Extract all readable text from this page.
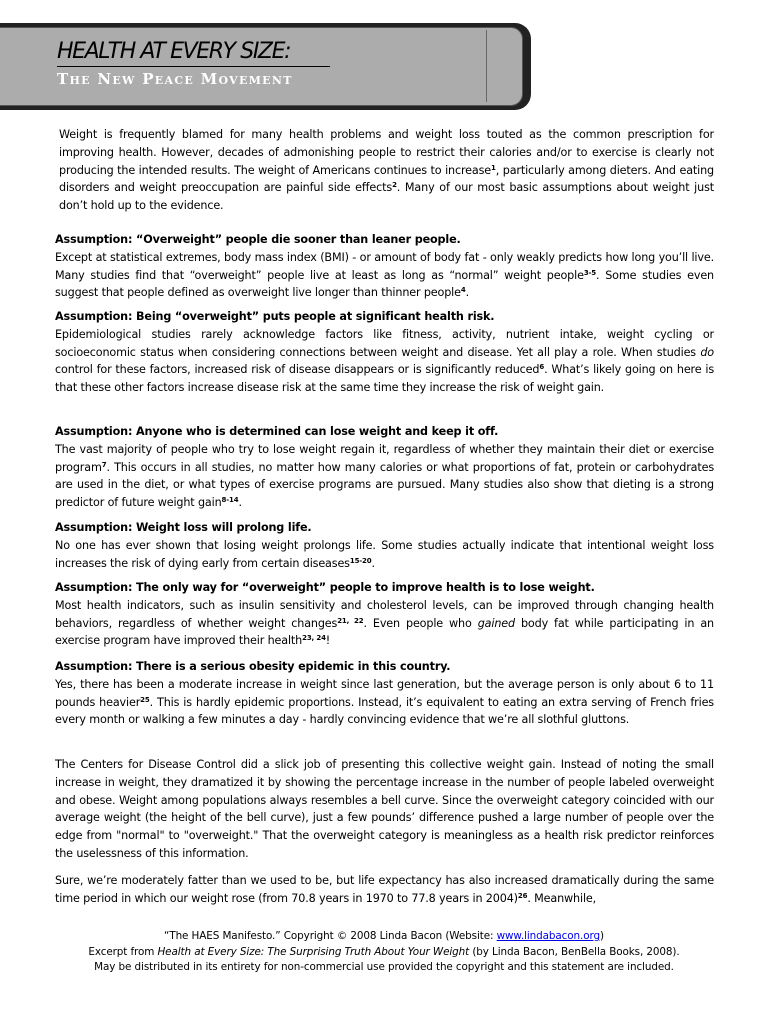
HEALTH AT EVERY SIZE:
The New Peace Movement
Weight is frequently blamed for many health problems and weight loss touted as the common prescription for improving health. However, decades of admonishing people to restrict their calories and/or to exercise is clearly not producing the intended results. The weight of Americans continues to increase$^1$, particularly among dieters. And eating disorders and weight preoccupation are painful side effects$^2$. Many of our most basic assumptions about weight just don’t hold up to the evidence.

Assumption: “Overweight” people die sooner than leaner people.

Except at statistical extremes, body mass index (BMI) - or amount of body fat - only weakly predicts how long you’ll live. Many studies find that “overweight” people live at least as long as “normal” weight people$^{3-5}$. Some studies even suggest that people defined as overweight live longer than thinner people$^4$.

Assumption: Being “overweight” puts people at significant health risk.

Epidemiological studies rarely acknowledge factors like fitness, activity, nutrient intake, weight cycling or socioeconomic status when considering connections between weight and disease. Yet all play a role. When studies do control for these factors, increased risk of disease disappears or is significantly reduced$^6$. What’s likely going on here is that these other factors increase disease risk at the same time they increase the risk of weight gain.

Assumption: Anyone who is determined can lose weight and keep it off.

The vast majority of people who try to lose weight regain it, regardless of whether they maintain their diet or exercise program$^7$. This occurs in all studies, no matter how many calories or what proportions of fat, protein or carbohydrates are used in the diet, or what types of exercise programs are pursued. Many studies also show that dieting is a strong predictor of future weight gain$^{8-14}$.

Assumption: Weight loss will prolong life.

No one has ever shown that losing weight prolongs life. Some studies actually indicate that intentional weight loss increases the risk of dying early from certain diseases$^{15-20}$.

Assumption: The only way for “overweight” people to improve health is to lose weight.

Most health indicators, such as insulin sensitivity and cholesterol levels, can be improved through changing health behaviors, regardless of whether weight changes$^{21, 22}$. Even people who gained body fat while participating in an exercise program have improved their health$^{23, 24}$!

Assumption: There is a serious obesity epidemic in this country.

Yes, there has been a moderate increase in weight since last generation, but the average person is only about 6 to 11 pounds heavier$^{25}$. This is hardly epidemic proportions. Instead, it’s equivalent to eating an extra serving of French fries every month or walking a few minutes a day - hardly convincing evidence that we’re all slothful gluttons.

The Centers for Disease Control did a slick job of presenting this collective weight gain. Instead of noting the small increase in weight, they dramatized it by showing the percentage increase in the number of people labeled overweight and obese. Weight among populations always resembles a bell curve. Since the overweight category coincided with our average weight (the height of the bell curve), just a few pounds’ difference pushed a large number of people over the edge from "normal" to "overweight." That the overweight category is meaningless as a health risk predictor reinforces the uselessness of this information.
Sure, we’re moderately fatter than we used to be, but life expectancy has also increased dramatically during the same time period in which our weight rose (from 70.8 years in 1970 to 77.8 years in 2004)$^{26}$. Meanwhile,
“The HAES Manifesto.” Copyright © 2008 Linda Bacon (Website: www.lindabacon.org)
Excerpt from Health at Every Size: The Surprising Truth About Your Weight (by Linda Bacon, BenBella Books, 2008).
May be distributed in its entirety for non-commercial use provided the copyright and this statement are included.
